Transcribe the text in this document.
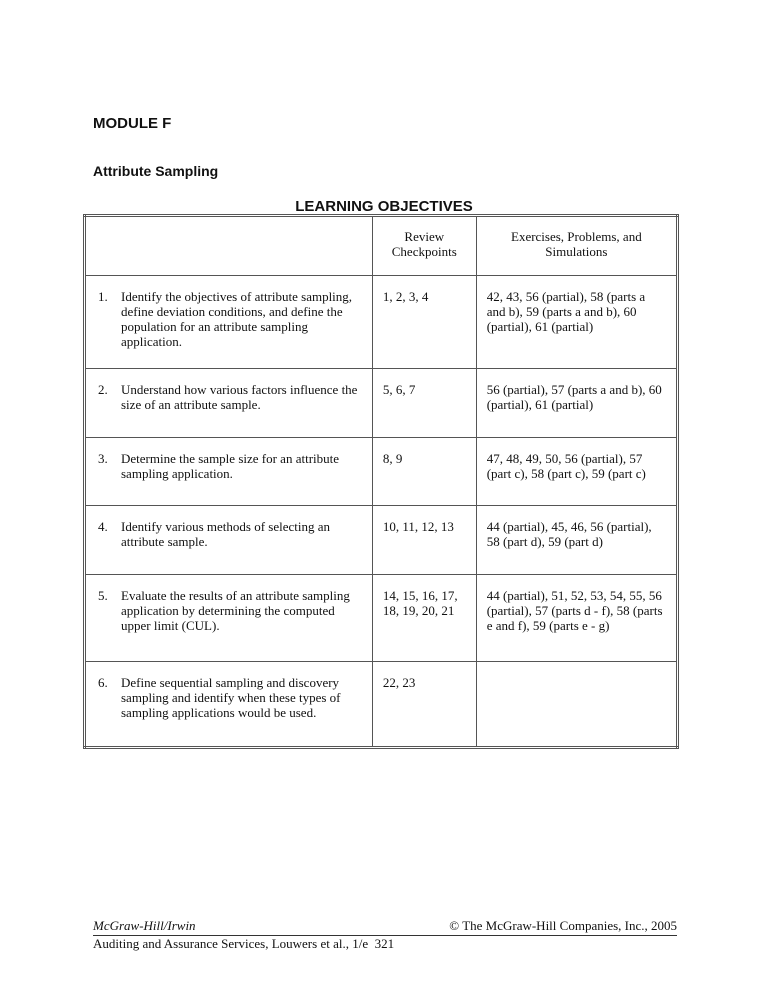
MODULE F
Attribute Sampling
LEARNING OBJECTIVES
	Review Checkpoints	Exercises, Problems, and Simulations
1. Identify the objectives of attribute sampling, define deviation conditions, and define the population for an attribute sampling application.	1, 2, 3, 4	42, 43, 56 (partial), 58 (parts a and b), 59 (parts a and b), 60 (partial), 61 (partial)
2. Understand how various factors influence the size of an attribute sample.	5, 6, 7	56 (partial), 57 (parts a and b), 60 (partial), 61 (partial)
3. Determine the sample size for an attribute sampling application.	8, 9	47, 48, 49, 50, 56 (partial), 57 (part c), 58 (part c), 59 (part c)
4. Identify various methods of selecting an attribute sample.	10, 11, 12, 13	44 (partial), 45, 46, 56 (partial), 58 (part d), 59 (part d)
5. Evaluate the results of an attribute sampling application by determining the computed upper limit (CUL).	14, 15, 16, 17, 18, 19, 20, 21	44 (partial), 51, 52, 53, 54, 55, 56 (partial), 57 (parts d - f), 58 (parts e and f), 59 (parts e - g)
6. Define sequential sampling and discovery sampling and identify when these types of sampling applications would be used.	22, 23	
McGraw-Hill/Irwin	© The McGraw-Hill Companies, Inc., 2005
Auditing and Assurance Services, Louwers et al., 1/e  321
